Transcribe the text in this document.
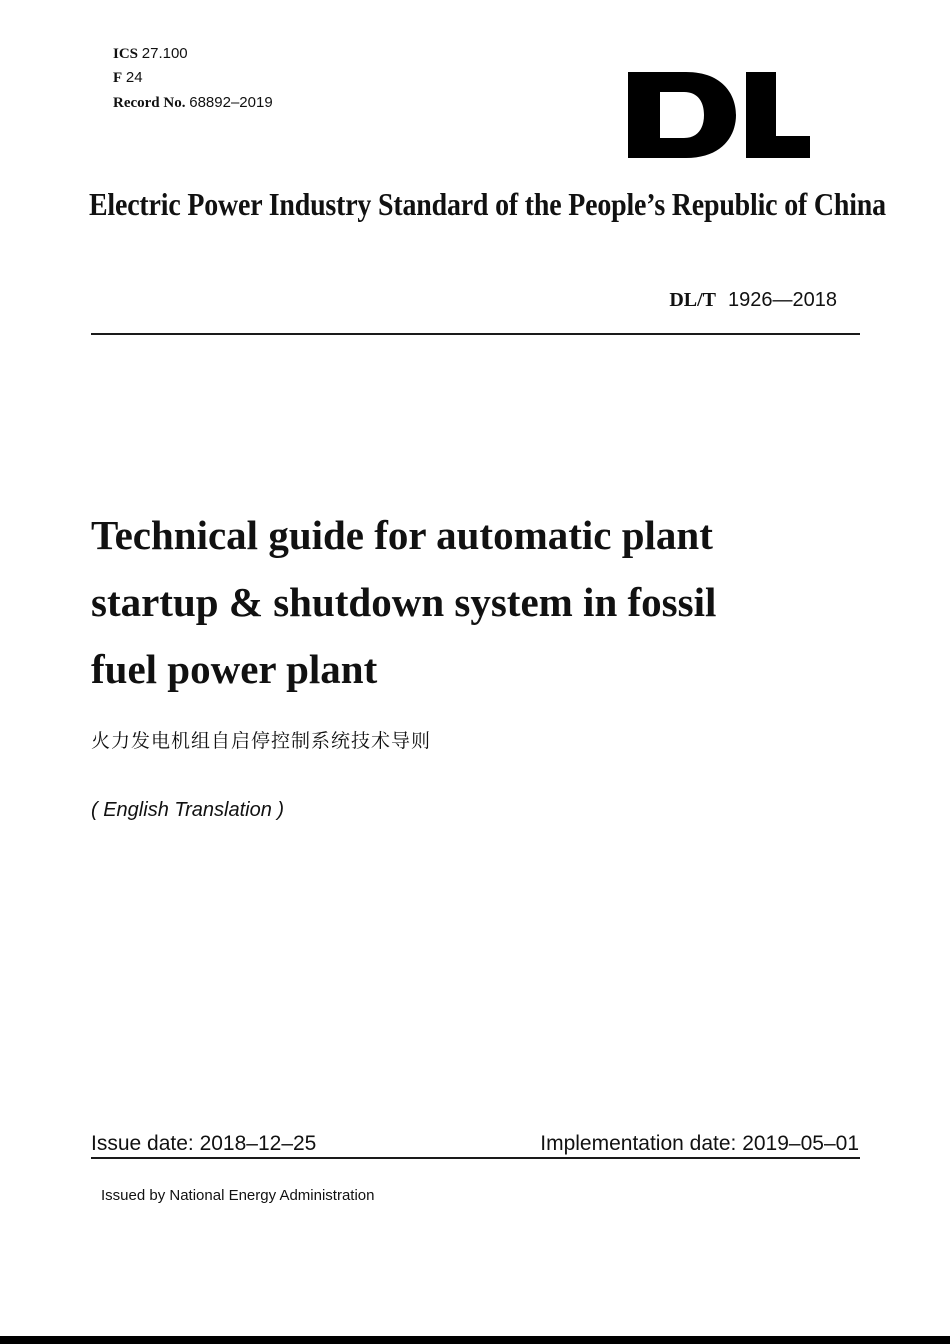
ICS 27.100
F 24
Record No. 68892–2019
Electric Power Industry Standard of the People’s Republic of China
DL/T 1926—2018
Technical guide for automatic plant
startup & shutdown system in fossil
fuel power plant
火力发电机组自启停控制系统技术导则
( English Translation )
Issue date: 2018–12–25	Implementation date: 2019–05–01
Issued by National Energy Administration
